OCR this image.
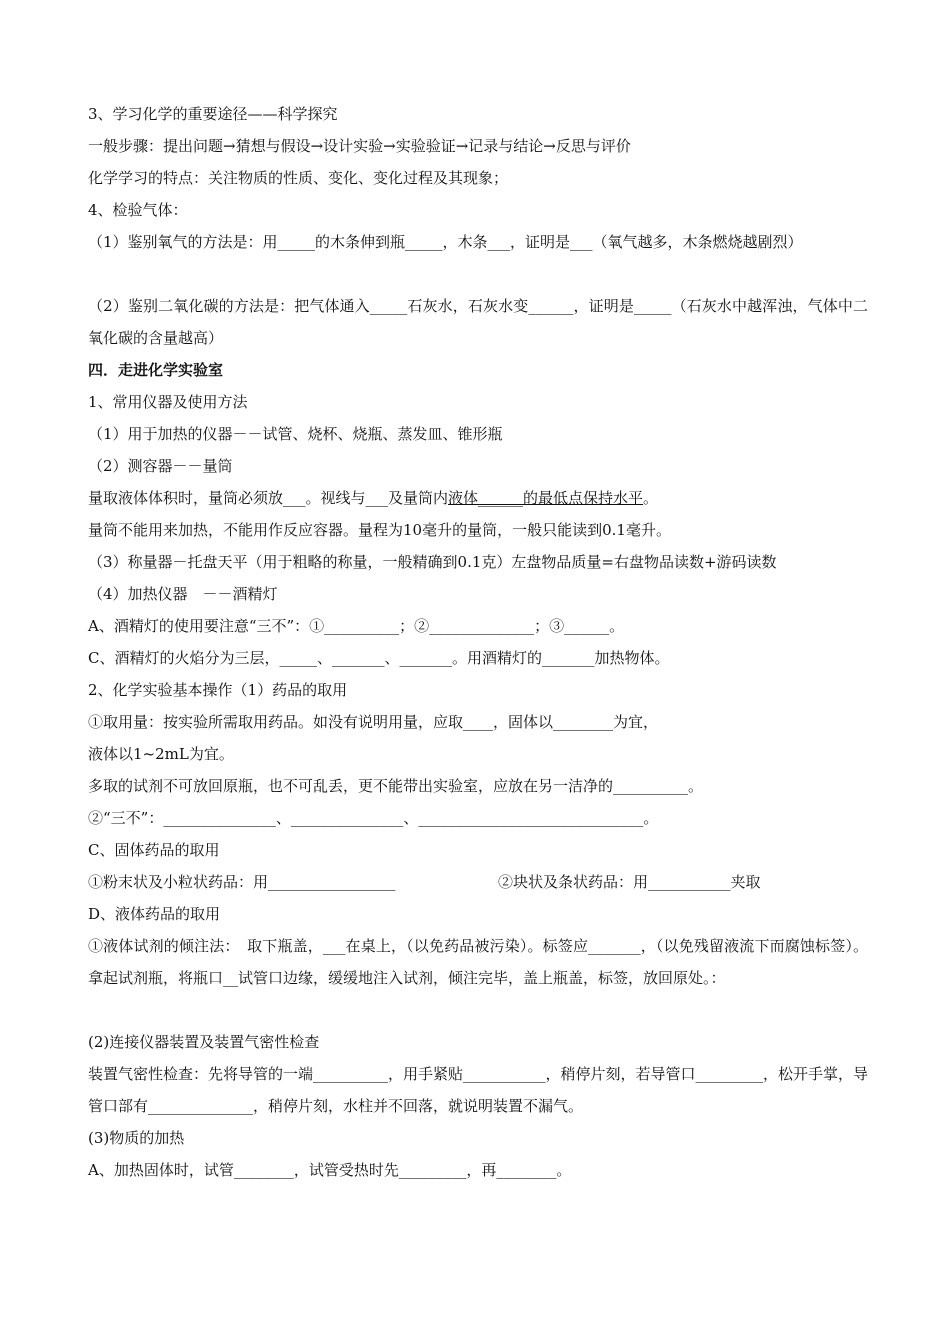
3、学习化学的重要途径——科学探究
一般步骤：提出问题→猜想与假设→设计实验→实验验证→记录与结论→反思与评价
化学学习的特点：关注物质的性质、变化、变化过程及其现象；
4、检验气体：
（1）鉴别氧气的方法是：用_____的木条伸到瓶_____，木条___，证明是___（氧气越多，木条燃烧越剧烈）
（2）鉴别二氧化碳的方法是：把气体通入_____石灰水，石灰水变______，证明是_____（石灰水中越浑浊，气体中二氧化碳的含量越高）
四．走进化学实验室
1、常用仪器及使用方法
（1）用于加热的仪器－－试管、烧杯、烧瓶、蒸发皿、锥形瓶
（2）测容器－－量筒
量取液体体积时，量筒必须放___。视线与___及量筒内液体______的最低点保持水平。
量筒不能用来加热，不能用作反应容器。量程为10毫升的量筒，一般只能读到0.1毫升。
（3）称量器－托盘天平（用于粗略的称量，一般精确到0.1克）左盘物品质量=右盘物品读数+游码读数
（4）加热仪器　－－酒精灯
A、酒精灯的使用要注意“三不”：①__________；②______________；③______。
C、酒精灯的火焰分为三层，_____、_______、_______。用酒精灯的_______加热物体。
2、化学实验基本操作（1）药品的取用
①取用量：按实验所需取用药品。如没有说明用量，应取____，固体以________为宜，
液体以1~2mL为宜。
多取的试剂不可放回原瓶，也不可乱丢，更不能带出实验室，应放在另一洁净的__________。
②“三不”：_______________、_______________、______________________________。
C、固体药品的取用
①粉末状及小粒状药品：用_________________	②块状及条状药品：用___________夹取
D、液体药品的取用
①液体试剂的倾注法：　取下瓶盖，___在桌上，（以免药品被污染）。标签应_______，（以免残留液流下而腐蚀标签）。拿起试剂瓶，将瓶口__试管口边缘，缓缓地注入试剂，倾注完毕，盖上瓶盖，标签，放回原处。：
(2)连接仪器装置及装置气密性检查
装置气密性检查：先将导管的一端__________，用手紧贴___________，稍停片刻，若导管口_________，松开手掌，导管口部有______________，稍停片刻，水柱并不回落，就说明装置不漏气。
(3)物质的加热
A、加热固体时，试管________，试管受热时先_________，再________。
